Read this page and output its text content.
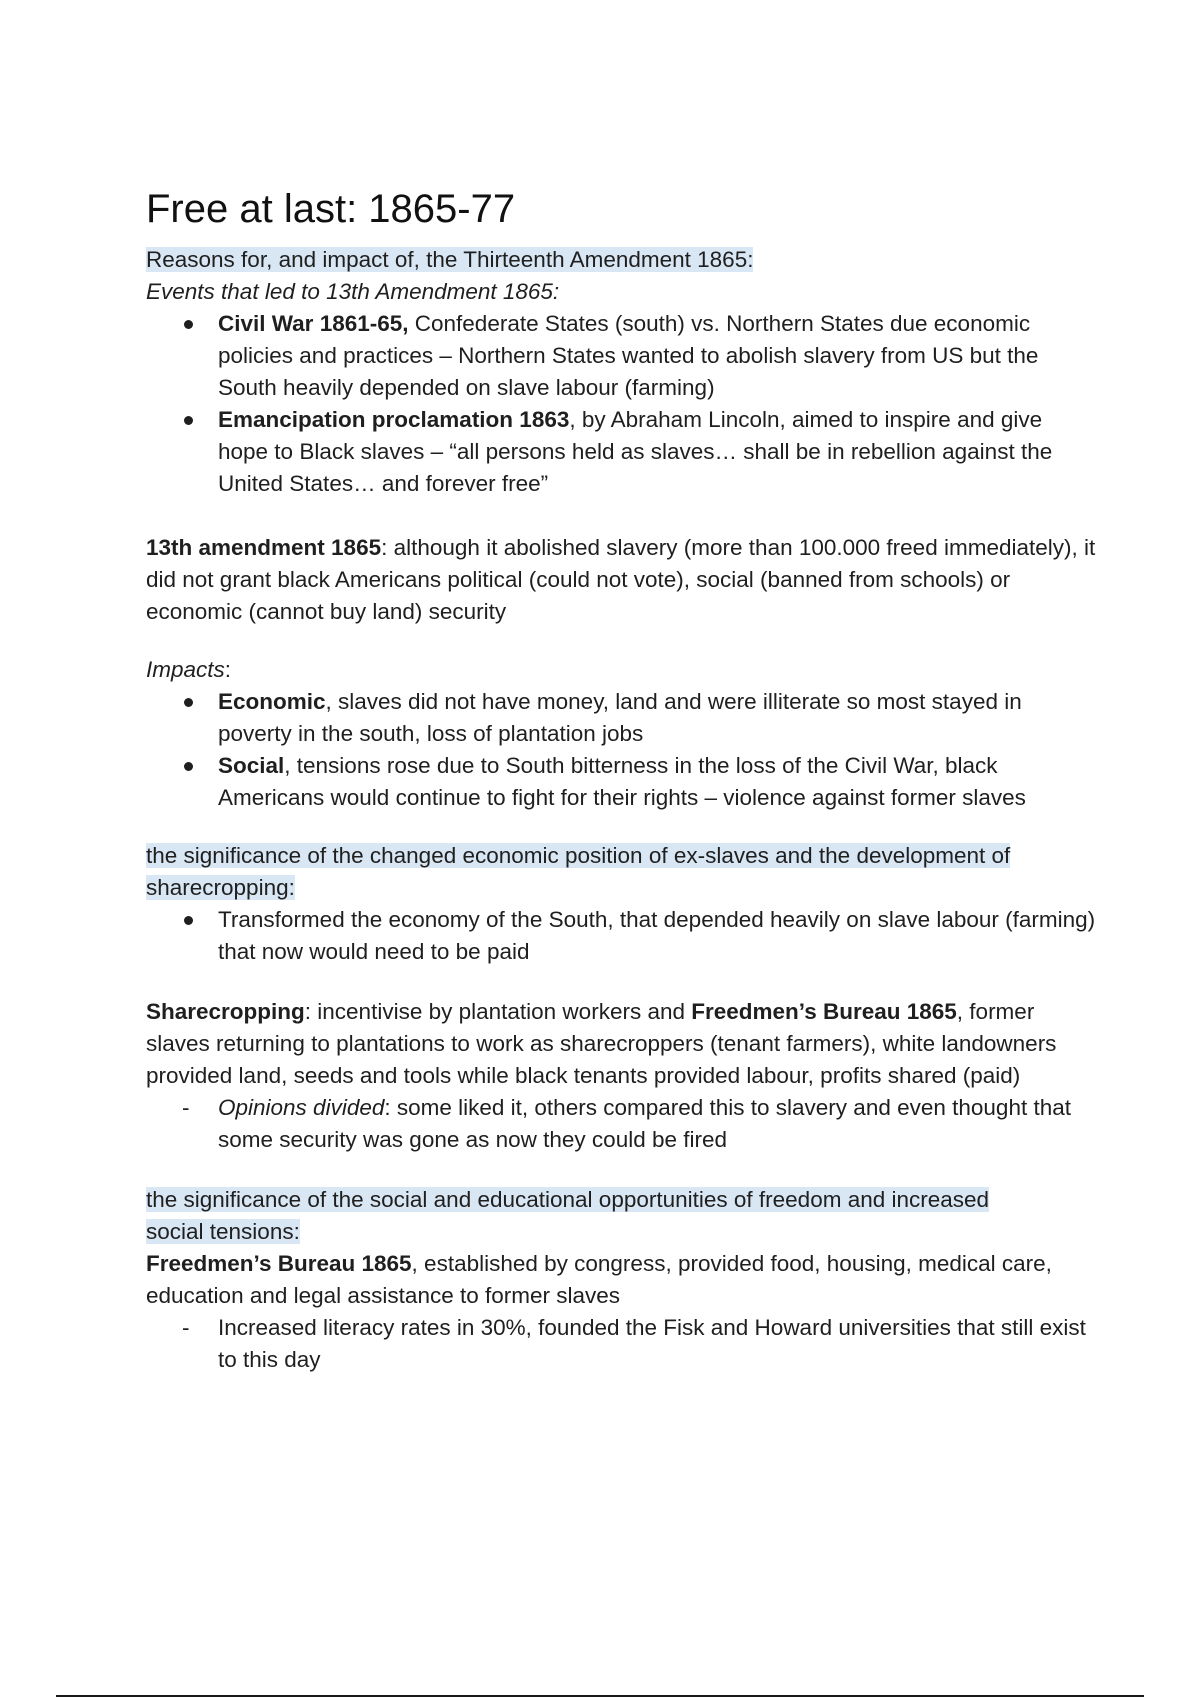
Free at last: 1865-77

Reasons for, and impact of, the Thirteenth Amendment 1865:

Events that led to 13th Amendment 1865:

Civil War 1861-65, Confederate States (south) vs. Northern States due economic policies and practices – Northern States wanted to abolish slavery from US but the South heavily depended on slave labour (farming)
Emancipation proclamation 1863, by Abraham Lincoln, aimed to inspire and give hope to Black slaves – “all persons held as slaves… shall be in rebellion against the United States… and forever free”

13th amendment 1865: although it abolished slavery (more than 100.000 freed immediately), it did not grant black Americans political (could not vote), social (banned from schools) or economic (cannot buy land) security

Impacts:

Economic, slaves did not have money, land and were illiterate so most stayed in poverty in the south, loss of plantation jobs
Social, tensions rose due to South bitterness in the loss of the Civil War, black Americans would continue to fight for their rights – violence against former slaves

the significance of the changed economic position of ex-slaves and the development of
sharecropping:

Transformed the economy of the South, that depended heavily on slave labour (farming) that now would need to be paid

Sharecropping: incentivise by plantation workers and Freedmen’s Bureau 1865, former slaves returning to plantations to work as sharecroppers (tenant farmers), white landowners provided land, seeds and tools while black tenants provided labour, profits shared (paid)

-	Opinions divided: some liked it, others compared this to slavery and even thought that some security was gone as now they could be fired

the significance of the social and educational opportunities of freedom and increased
social tensions:

Freedmen’s Bureau 1865, established by congress, provided food, housing, medical care, education and legal assistance to former slaves

-	Increased literacy rates in 30%, founded the Fisk and Howard universities that still exist to this day
